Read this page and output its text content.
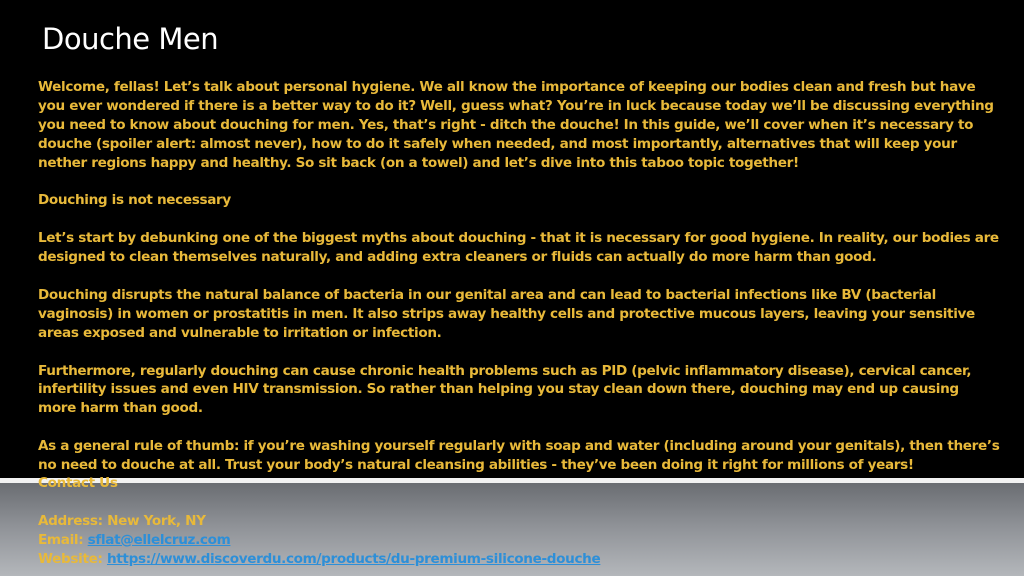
Douche Men

Welcome, fellas! Let’s talk about personal hygiene. We all know the importance of keeping our bodies clean and fresh but have you ever wondered if there is a better way to do it? Well, guess what? You’re in luck because today we’ll be discussing everything you need to know about douching for men. Yes, that’s right - ditch the douche! In this guide, we’ll cover when it’s necessary to douche (spoiler alert: almost never), how to do it safely when needed, and most importantly, alternatives that will keep your nether regions happy and healthy. So sit back (on a towel) and let’s dive into this taboo topic together!

Douching is not necessary

Let’s start by debunking one of the biggest myths about douching - that it is necessary for good hygiene. In reality, our bodies are designed to clean themselves naturally, and adding extra cleaners or fluids can actually do more harm than good.

Douching disrupts the natural balance of bacteria in our genital area and can lead to bacterial infections like BV (bacterial vaginosis) in women or prostatitis in men. It also strips away healthy cells and protective mucous layers, leaving your sensitive areas exposed and vulnerable to irritation or infection.

Furthermore, regularly douching can cause chronic health problems such as PID (pelvic inflammatory disease), cervical cancer, infertility issues and even HIV transmission. So rather than helping you stay clean down there, douching may end up causing more harm than good.

As a general rule of thumb: if you’re washing yourself regularly with soap and water (including around your genitals), then there’s no need to douche at all. Trust your body’s natural cleansing abilities - they’ve been doing it right for millions of years!

Contact Us

Address: New York, NY

Email: sflat@ellelcruz.com

Website: https://www.discoverdu.com/products/du-premium-silicone-douche
